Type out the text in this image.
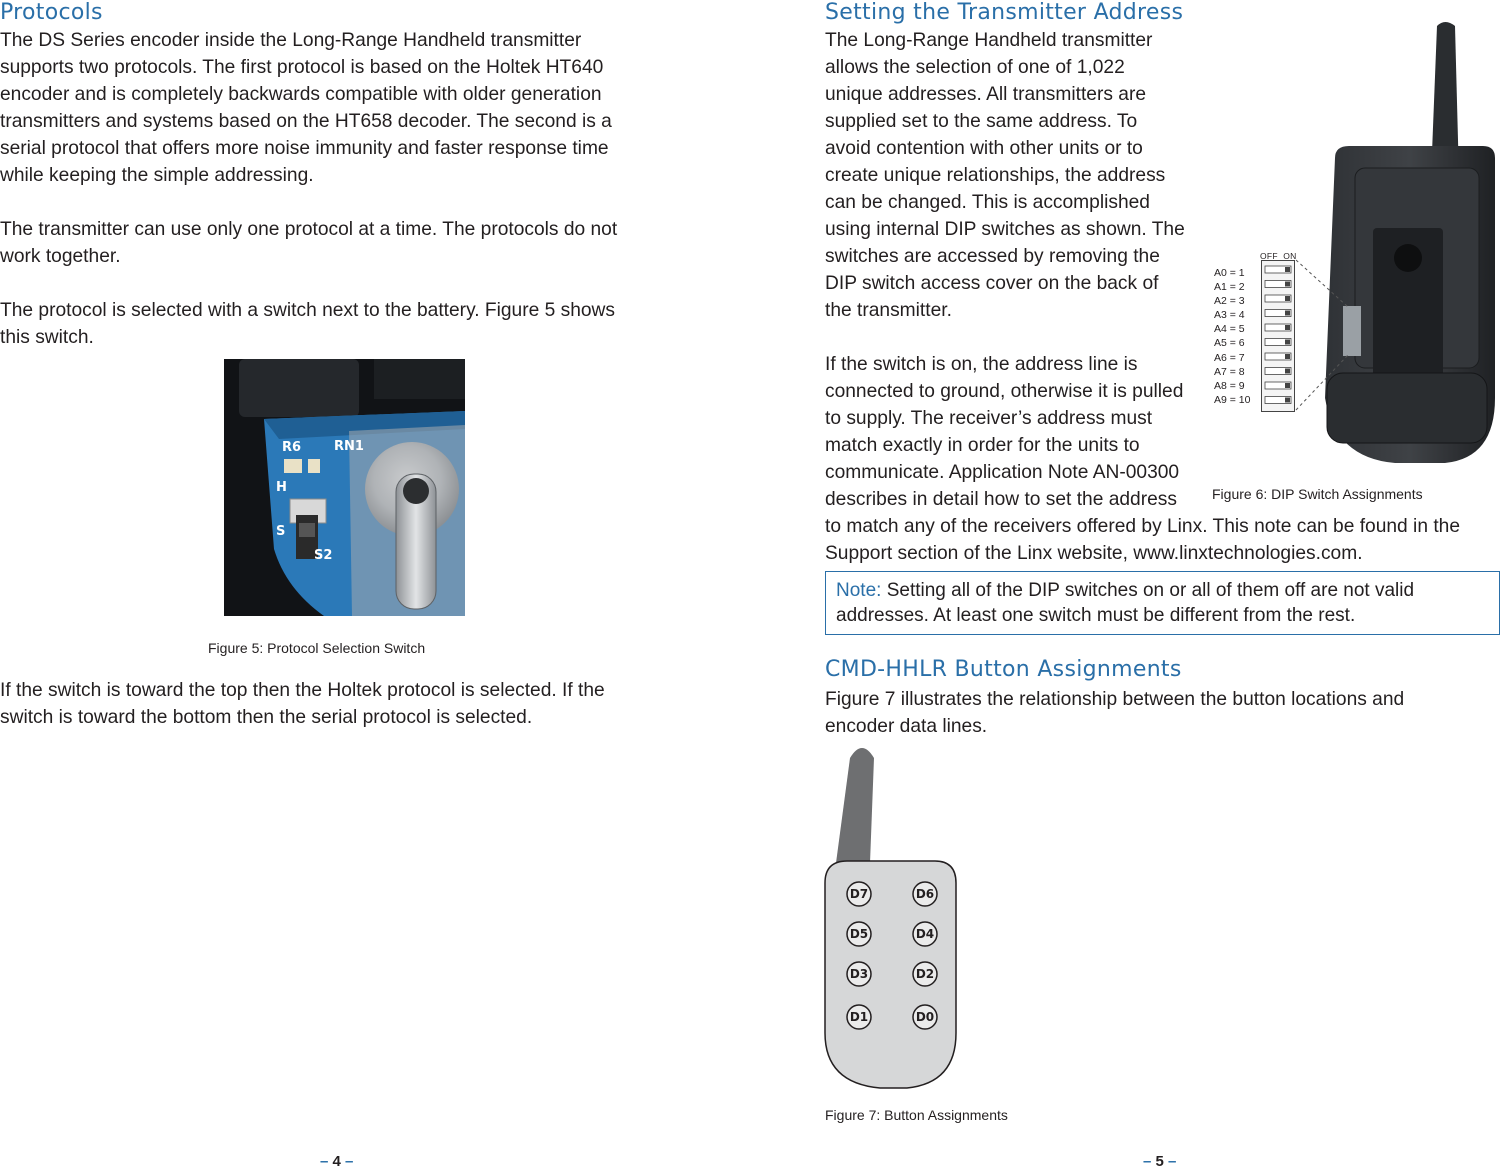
Protocols

The DS Series encoder inside the Long-Range Handheld transmitter
supports two protocols. The first protocol is based on the Holtek HT640
encoder and is completely backwards compatible with older generation
transmitters and systems based on the HT658 decoder. The second is a
serial protocol that offers more noise immunity and faster response time
while keeping the simple addressing.

The transmitter can use only one protocol at a time. The protocols do not
work together.

The protocol is selected with a switch next to the battery. Figure 5 shows
this switch.

R6	RN1
H
S
S2
Figure 5: Protocol Selection Switch

If the switch is toward the top then the Holtek protocol is selected. If the
switch is toward the bottom then the serial protocol is selected.

– 4 –
Setting the Transmitter Address

The Long-Range Handheld transmitter
allows the selection of one of 1,022
unique addresses. All transmitters are
supplied set to the same address. To
avoid contention with other units or to
create unique relationships, the address
can be changed. This is accomplished
using internal DIP switches as shown. The
switches are accessed by removing the
DIP switch access cover on the back of
the transmitter.

If the switch is on, the address line is
connected to ground, otherwise it is pulled
to supply. The receiver’s address must
match exactly in order for the units to
communicate. Application Note AN-00300
describes in detail how to set the address
to match any of the receivers offered by Linx. This note can be found in the
Support section of the Linx website, www.linxtechnologies.com.

OFF ON
A0 = 1
A1 = 2
A2 = 3
A3 = 4
A4 = 5
A5 = 6
A6 = 7
A7 = 8
A8 = 9
A9 = 10
Figure 6: DIP Switch Assignments

Note: Setting all of the DIP switches on or all of them off are not valid
addresses. At least one switch must be different from the rest.

CMD-HHLR Button Assignments

Figure 7 illustrates the relationship between the button locations and
encoder data lines.

D7	D6
D5	D4
D3	D2
D1	D0
Figure 7: Button Assignments
– 5 –
